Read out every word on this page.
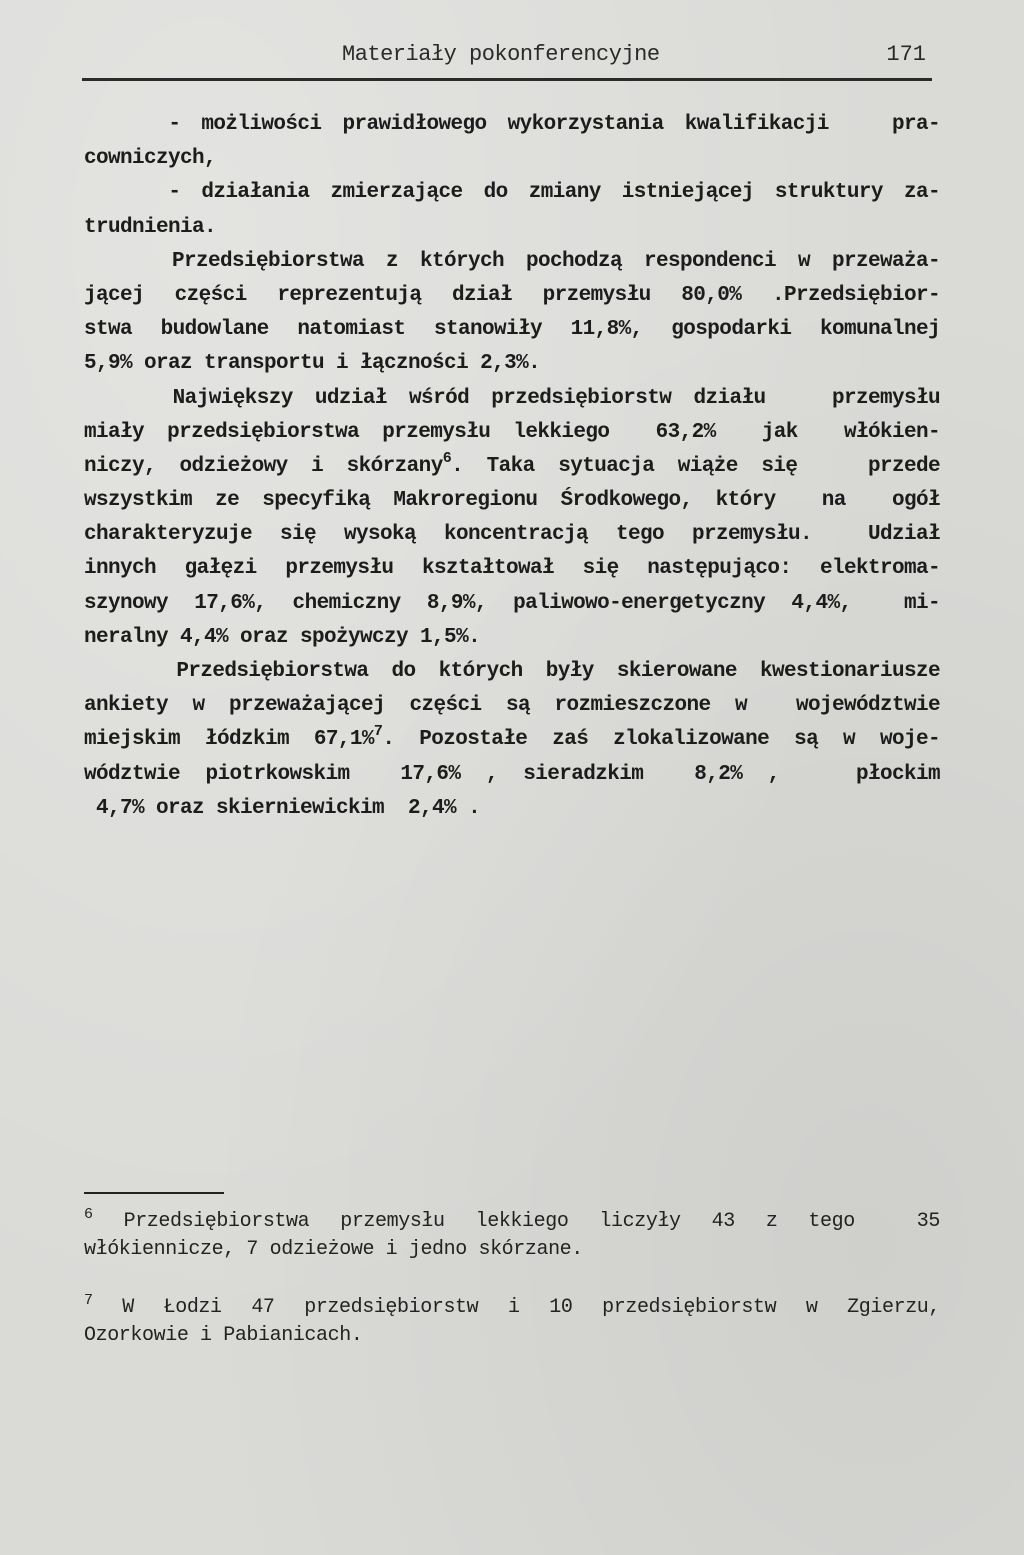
Materiały pokonferencyjne	171
- możliwości prawidłowego wykorzystania kwalifikacji   pra-
cowniczych,
- działania zmierzające do zmiany istniejącej struktury za-
trudnienia.
Przedsiębiorstwa z których pochodzą respondenci w przeważa-
jącej części reprezentują dział przemysłu 80,0% .Przedsiębior-
stwa budowlane natomiast stanowiły 11,8%, gospodarki komunalnej
5,9% oraz transportu i łączności 2,3%.
Największy udział wśród przedsiębiorstw działu   przemysłu
miały przedsiębiorstwa przemysłu lekkiego  63,2%  jak  włókien-
niczy, odzieżowy i skórzany$^6$. Taka sytuacja wiąże się   przede
wszystkim ze specyfiką Makroregionu Środkowego, który  na  ogół
charakteryzuje się wysoką koncentracją tego przemysłu.  Udział
innych gałęzi przemysłu kształtował się następująco: elektroma-
szynowy 17,6%, chemiczny 8,9%, paliwowo-energetyczny 4,4%,  mi-
neralny 4,4% oraz spożywczy 1,5%.
Przedsiębiorstwa do których były skierowane kwestionariusze
ankiety w przeważającej części są rozmieszczone w  województwie
miejskim łódzkim 67,1%$^7$. Pozostałe zaś zlokalizowane są w woje-
wództwie piotrkowskim  17,6% , sieradzkim  8,2% ,   płockim
4,7% oraz skierniewickim  2,4% .
$^6$ Przedsiębiorstwa przemysłu lekkiego liczyły 43 z tego  35
włókiennicze, 7 odzieżowe i jedno skórzane.
$^7$ W Łodzi 47 przedsiębiorstw i 10 przedsiębiorstw w Zgierzu,
Ozorkowie i Pabianicach.
